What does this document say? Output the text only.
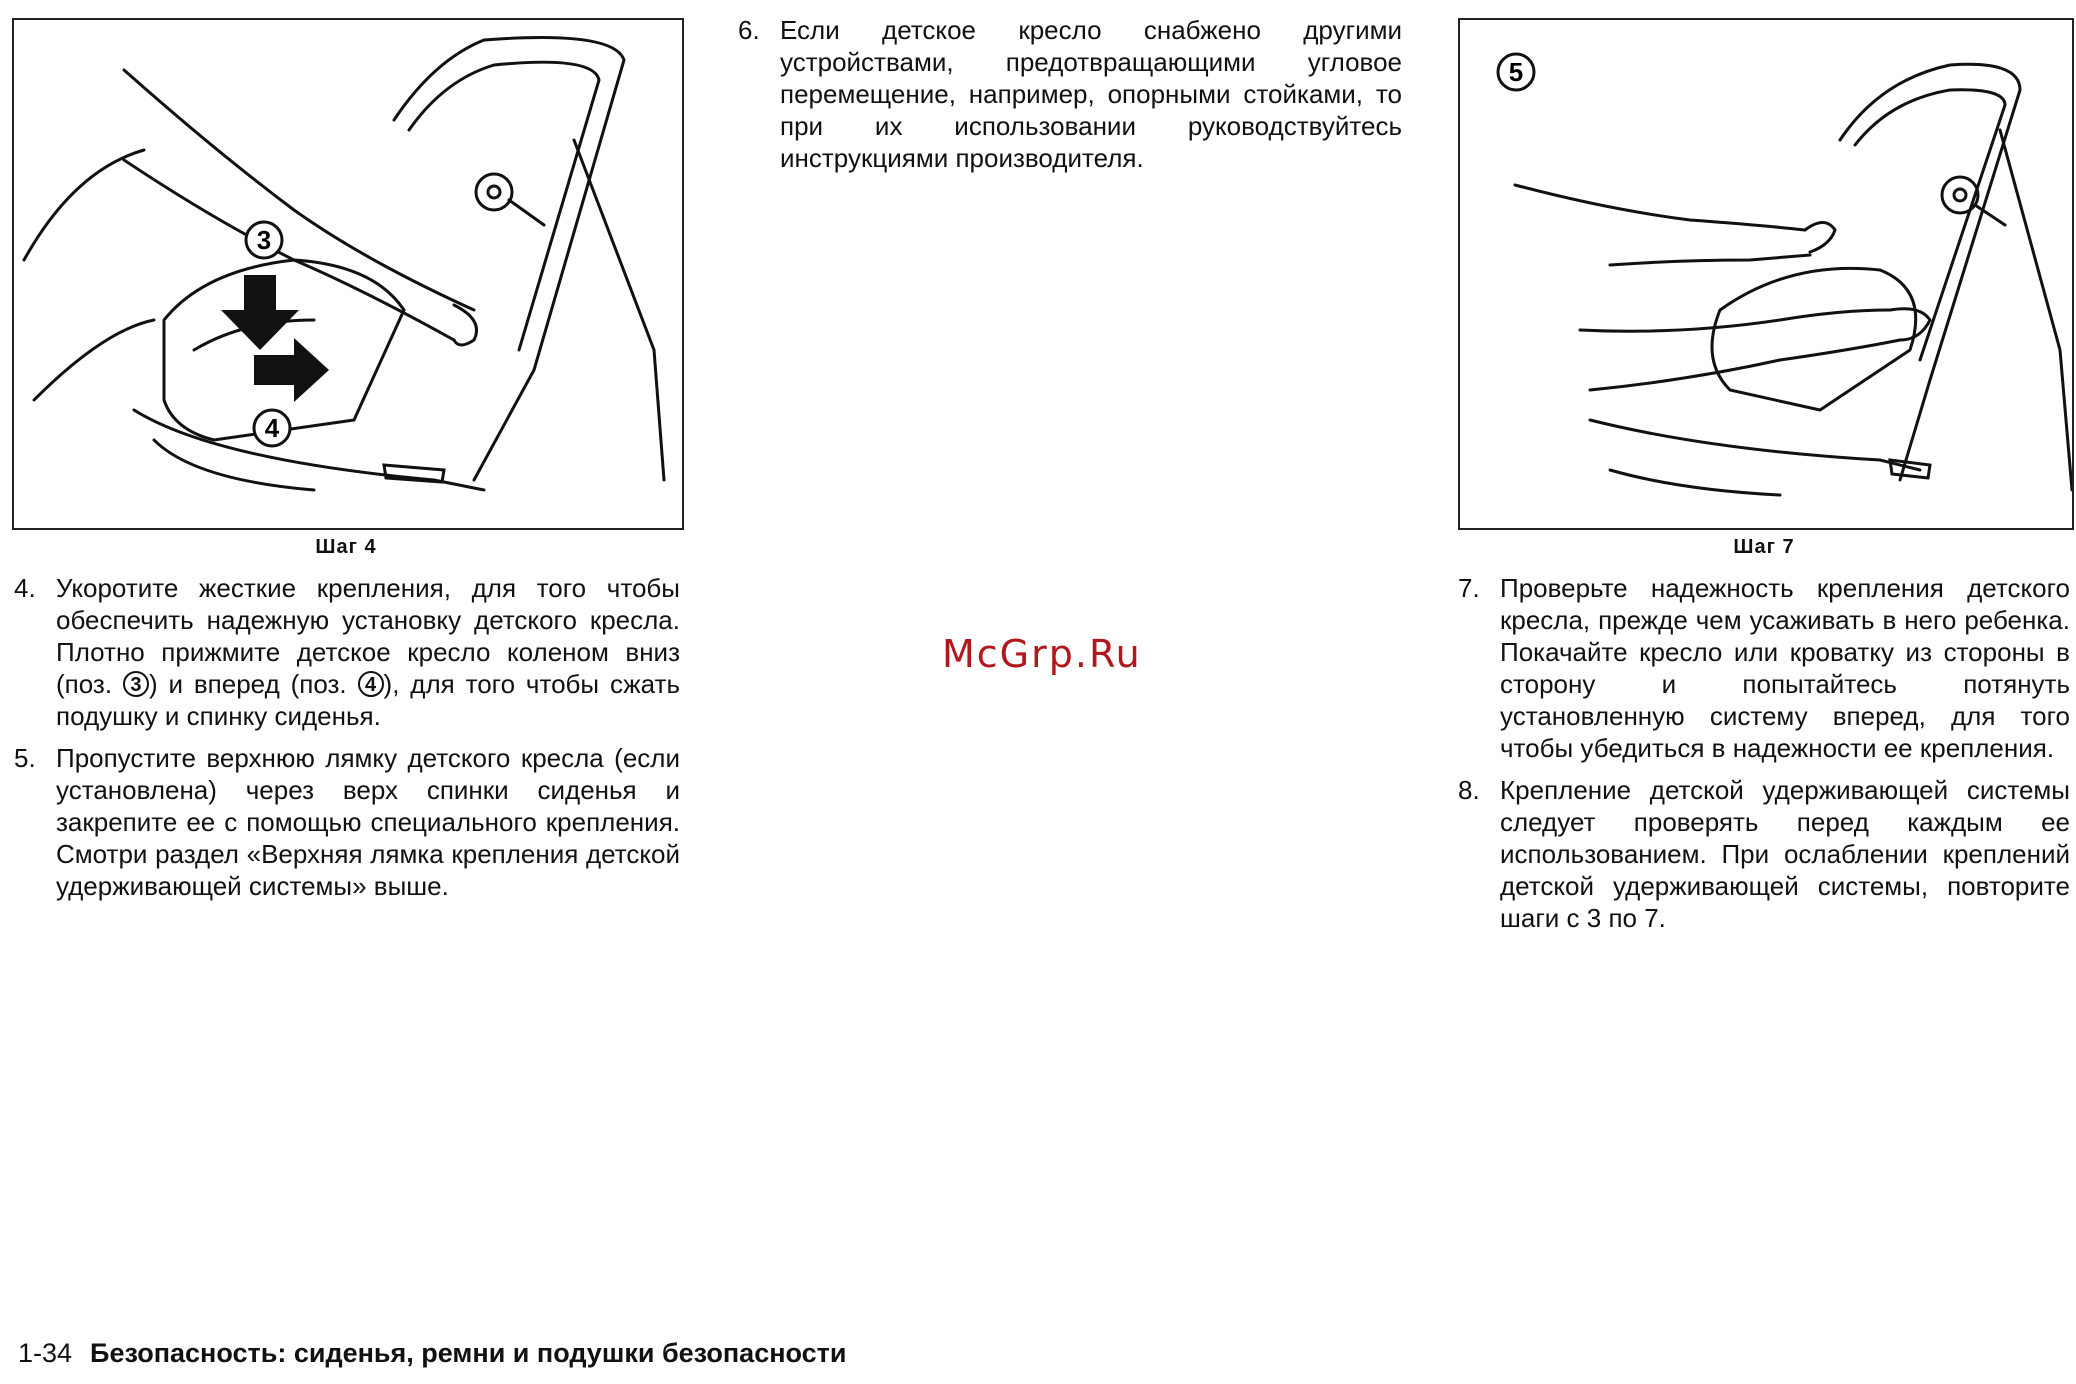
3
4
Шаг 4
5
Шаг 7
4. Укоротите жесткие крепления, для того чтобы обеспечить надежную установку детского кресла. Плотно прижмите детское кресло коленом вниз (поз. 3 ) и вперед (поз. 4 ), для того чтобы сжать подушку и спинку сиденья.
5. Пропустите верхнюю лямку детского кресла (если установлена) через верх спинки сиденья и закрепите ее с помощью специального крепления. Смотри раздел «Верхняя лямка крепления детской удерживающей системы» выше.
6. Если детское кресло снабжено другими устройствами, предотвращающими угловое перемещение, например, опорными стойками, то при их использовании руководствуйтесь инструкциями производителя.
7. Проверьте надежность крепления детского кресла, прежде чем усаживать в него ребенка. Покачайте кресло или кроватку из стороны в сторону и попытайтесь потянуть установленную систему вперед, для того чтобы убедиться в надежности ее крепления.
8. Крепление детской удерживающей системы следует проверять перед каждым ее использованием. При ослаблении креплений детской удерживающей системы, повторите шаги с 3 по 7.
McGrp.Ru
1-34 Безопасность: сиденья, ремни и подушки безопасности
